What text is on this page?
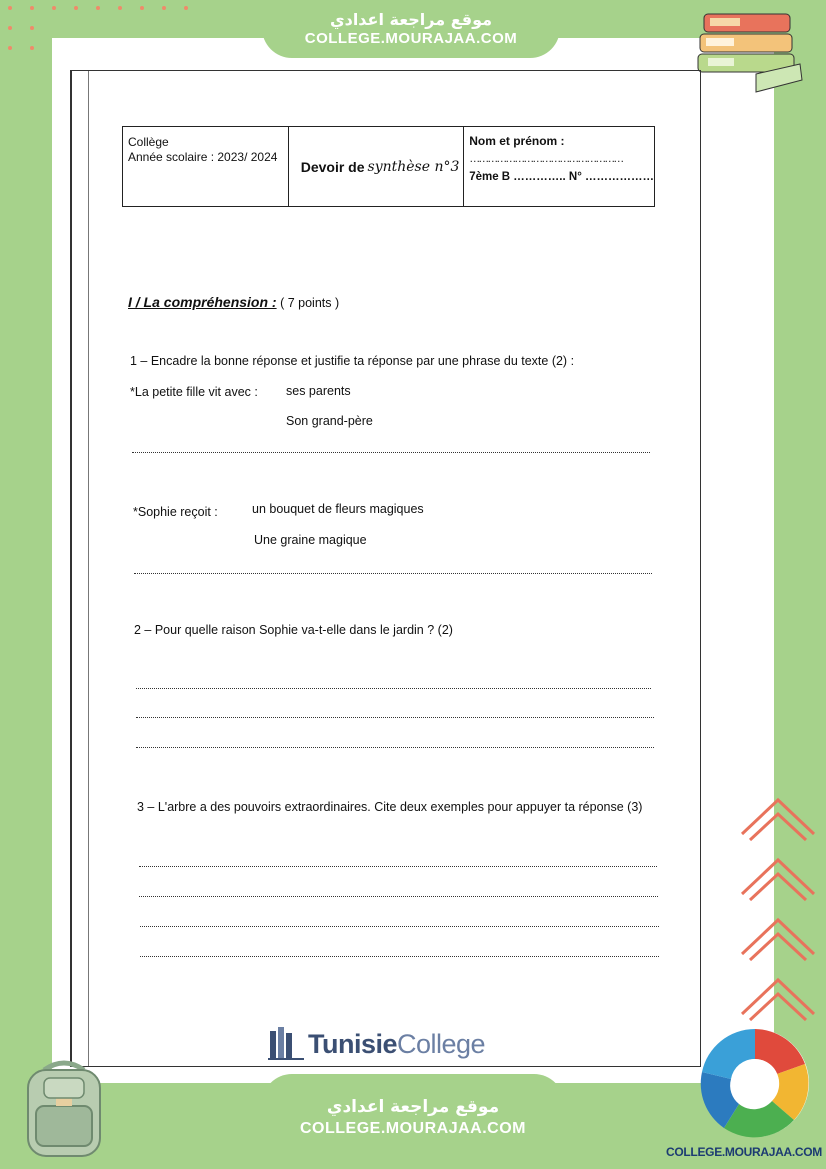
موقع مراجعة اعدادي
COLLEGE.MOURAJAA.COM
Collège
Année scolaire : 2023/ 2024
Devoir de synthèse n°3
Nom et prénom :
……………………………………………
7ème B ………….. N° ………………
I / La compréhension : ( 7 points )
1 – Encadre la bonne réponse et justifie ta réponse par une phrase du texte (2) :
*La petite fille vit avec : ses parents
Son grand-père
*Sophie reçoit :	un bouquet de fleurs magiques
Une graine magique
2 – Pour quelle raison Sophie va-t-elle dans le jardin ? (2)
3 – L'arbre a des pouvoirs extraordinaires. Cite deux exemples pour appuyer ta réponse (3)
TunisieCollege
موقع مراجعة اعدادي
COLLEGE.MOURAJAA.COM
COLLEGE.MOURAJAA.COM
